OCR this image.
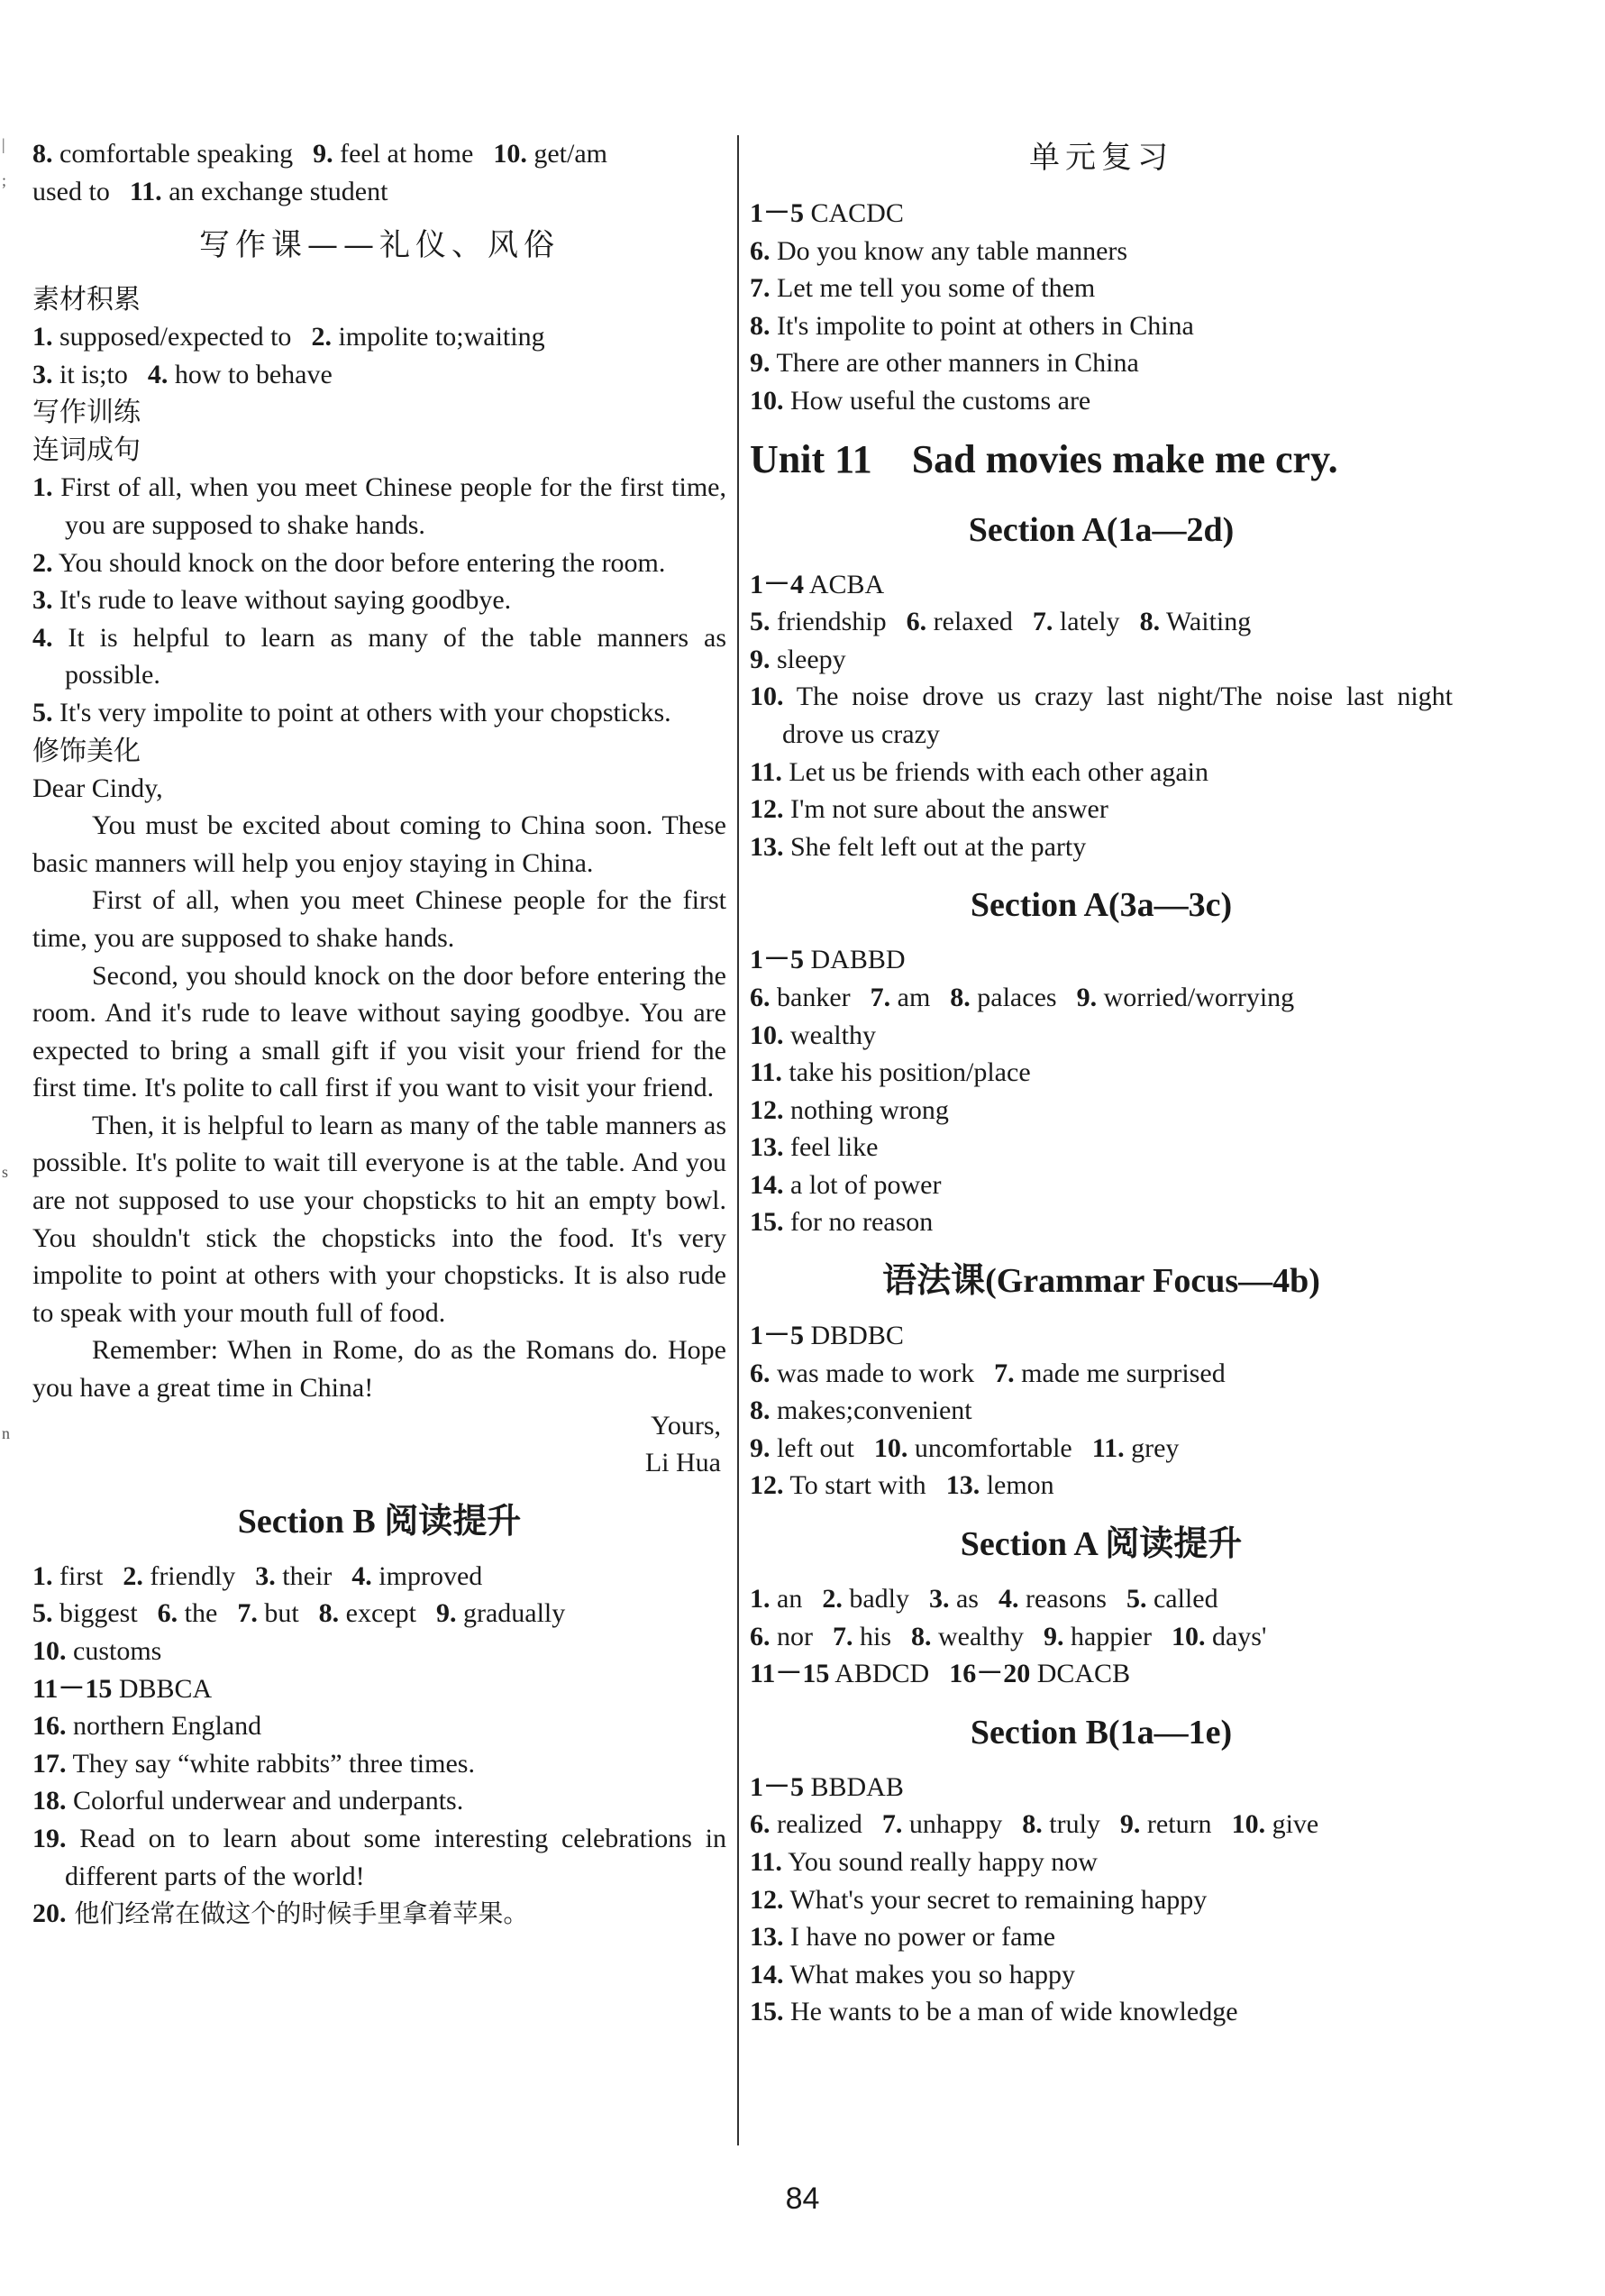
|
;
s
n
8. comfortable speaking 9. feel at home 10. get/am
used to 11. an exchange student
写作课——礼仪、风俗
素材积累
1. supposed/expected to 2. impolite to;waiting
3. it is;to 4. how to behave
写作训练
连词成句
1. First of all, when you meet Chinese people for the first time, you are supposed to shake hands.
2. You should knock on the door before entering the room.
3. It's rude to leave without saying goodbye.
4. It is helpful to learn as many of the table manners as possible.
5. It's very impolite to point at others with your chopsticks.
修饰美化
Dear Cindy,
You must be excited about coming to China soon. These basic manners will help you enjoy staying in China.
First of all, when you meet Chinese people for the first time, you are supposed to shake hands.
Second, you should knock on the door before entering the room. And it's rude to leave without saying goodbye. You are expected to bring a small gift if you visit your friend for the first time. It's polite to call first if you want to visit your friend.
Then, it is helpful to learn as many of the table manners as possible. It's polite to wait till everyone is at the table. And you are not supposed to use your chopsticks to hit an empty bowl. You shouldn't stick the chopsticks into the food. It's very impolite to point at others with your chopsticks. It is also rude to speak with your mouth full of food.
Remember: When in Rome, do as the Romans do. Hope you have a great time in China!
Yours,
Li Hua
Section B 阅读提升
1. first 2. friendly 3. their 4. improved
5. biggest 6. the 7. but 8. except 9. gradually
10. customs
11－15 DBBCA
16. northern England
17. They say “white rabbits” three times.
18. Colorful underwear and underpants.
19. Read on to learn about some interesting celebrations in different parts of the world!
20. 他们经常在做这个的时候手里拿着苹果。
单元复习
1－5 CACDC
6. Do you know any table manners
7. Let me tell you some of them
8. It's impolite to point at others in China
9. There are other manners in China
10. How useful the customs are
Unit 11 Sad movies make me cry.
Section A(1a—2d)
1－4 ACBA
5. friendship 6. relaxed 7. lately 8. Waiting
9. sleepy
10. The noise drove us crazy last night/The noise last night drove us crazy
11. Let us be friends with each other again
12. I'm not sure about the answer
13. She felt left out at the party
Section A(3a—3c)
1－5 DABBD
6. banker 7. am 8. palaces 9. worried/worrying
10. wealthy
11. take his position/place
12. nothing wrong
13. feel like
14. a lot of power
15. for no reason
语法课(Grammar Focus—4b)
1－5 DBDBC
6. was made to work 7. made me surprised
8. makes;convenient
9. left out 10. uncomfortable 11. grey
12. To start with 13. lemon
Section A 阅读提升
1. an 2. badly 3. as 4. reasons 5. called
6. nor 7. his 8. wealthy 9. happier 10. days'
11－15 ABDCD 16－20 DCACB
Section B(1a—1e)
1－5 BBDAB
6. realized 7. unhappy 8. truly 9. return 10. give
11. You sound really happy now
12. What's your secret to remaining happy
13. I have no power or fame
14. What makes you so happy
15. He wants to be a man of wide knowledge
84
